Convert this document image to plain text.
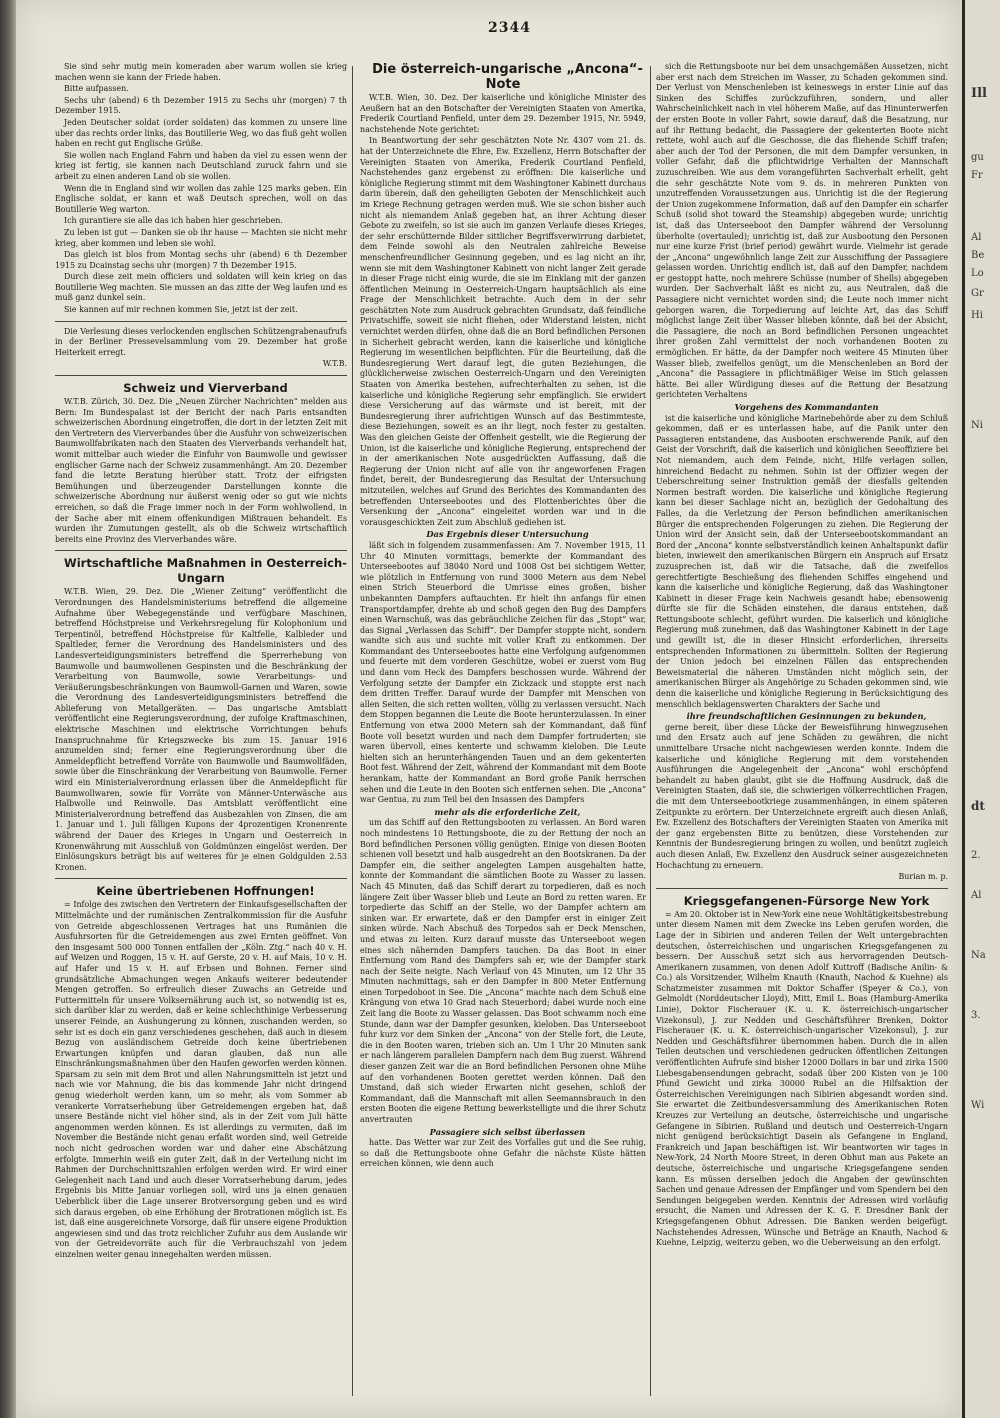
2344

Sie sind sehr mutig mein komeraden aber warum wollen sie krieg machen wenn sie kann der Friede haben.

Bitte aufpassen.

Sechs uhr (abend) 6 th Dezember 1915 zu Sechs uhr (morgen) 7 th Dezember 1915.

Jeden Deutscher soldat (order soldaten) das kommen zu unsere line uber das rechts order links, das Boutillerie Weg, wo das fluß geht wollen haben en recht gut Englische Grüße.

Sie wollen nach England Fahrn und haben da viel zu essen wenn der krieg ist fertig, sie kannen nach Deutschland zuruck fahrn und sie arbeit zu einen anderen Land ob sie wollen.

Wenn die in England sind wir wollen das zahle 125 marks geben. Ein Englische soldat, er kann et waß Deutsch sprechen, woll on das Boutillerie Weg warton.

Ich gurantiere sie alle das ich haben hier geschrieben.

Zu leben ist gut — Danken sie ob ihr hause — Machten sie nicht mehr krieg, aber kommen und leben sie wohl.

Das gleich ist blos from Montag sechs uhr (abend) 6 th Dezember 1915 zu Dcainstag sechs uhr (morgen) 7 th Dezember 1915.

Durch diese zeit mein officiers und soldaten will kein krieg on das Boutillerie Weg machten. Sie mussen an das zitte der Weg laufen und es muß ganz dunkel sein.

Sie kannen auf mir rechnen kommen Sie, jetzt ist der zeit.

Die Verlesung dieses verlockenden englischen Schützengrabenaufrufs in der Berliner Pressevelsammlung vom 29. Dezember hat große Heiterkeit erregt.

W.T.B.

Schweiz und Vierverband

W.T.B. Zürich, 30. Dez. Die „Neuen Zürcher Nachrichten“ melden aus Bern: Im Bundespalast ist der Bericht der nach Paris entsandten schweizerischen Abordnung eingetroffen, die dort in der letzten Zeit mit den Vertretern des Vierverbandes über die Ausfuhr von schweizerischen Baumwollfabrikaten nach den Staaten des Vierverbands verhandelt hat, womit mittelbar auch wieder die Einfuhr von Baumwolle und gewisser englischer Garne nach der Schweiz zusammenhängt. Am 20. Dezember fand die letzte Beratung hierüber statt. Trotz der eifrigsten Bemühungen und überzeugender Darstellungen konnte die schweizerische Abordnung nur äußerst wenig oder so gut wie nichts erreichen, so daß die Frage immer noch in der Form wohlwollend, in der Sache aber mit einem offenkundigen Mißtrauen behandelt. Es wurden ihr Zumutungen gestellt, als ob die Schweiz wirtschaftlich bereits eine Provinz des Vierverbandes wäre.

Wirtschaftliche Maßnahmen in Oesterreich-Ungarn

W.T.B. Wien, 29. Dez. Die „Wiener Zeitung“ veröffentlicht die Verordnungen des Handelsministeriums betreffend die allgemeine Aufnahme über Webegegenstände und verfügbare Maschinen, betreffend Höchstpreise und Verkehrsregelung für Kolophonium und Terpentinöl, betreffend Höchstpreise für Kaltfelle, Kalbleder und Spaltleder, ferner die Verordnung des Handelsministers und des Landesverteidigungsministers betreffend die Sperrerhebung von Baumwolle und baumwollenen Gespinsten und die Beschränkung der Verarbeitung von Baumwolle, sowie Verarbeitungs- und Veräußerungsbeschränkungen von Baumwoll-Garnen und Waren, sowie die Verordnung des Landesverteidigungsministers betreffend die Ablieferung von Metallgeräten. — Das ungarische Amtsblatt veröffentlicht eine Regierungsverordnung, der zufolge Kraftmaschinen, elektrische Maschinen und elektrische Vorrichtungen behufs Inanspruchnahme für Kriegszwecke bis zum 15. Januar 1916 anzumelden sind; ferner eine Regierungsverordnung über die Anmeldepflicht betreffend Vorräte von Baumwolle und Baumwollfäden, sowie über die Einschränkung der Verarbeitung von Baumwolle. Ferner wird ein Ministerialverordnung erlassen über die Anmeldepflicht für Baumwollwaren, sowie für Vorräte von Männer-Unterwäsche aus Halbwolle und Reinwolle. Das Amtsblatt veröffentlicht eine Ministerialverordnung betreffend das Ausbezahlen von Zinsen, die am 1. Januar und 1. Juli fälligen Kupons der 4prozentigen Kronenrente während der Dauer des Krieges in Ungarn und Oesterreich in Kronenwährung mit Ausschluß von Goldmünzen eingelöst werden. Der Einlösungskurs beträgt bis auf weiteres für je einen Goldgulden 2.53 Kronen.

Keine übertriebenen Hoffnungen!

= Infolge des zwischen den Vertretern der Einkaufsgesellschaften der Mittelmächte und der rumänischen Zentralkommission für die Ausfuhr von Getreide abgeschlossenen Vertrages hat uns Rumänien die Ausfuhrsorten für die Getreidemengen aus zwei Ernten geöffnet. Von den insgesamt 500 000 Tonnen entfallen der „Köln. Ztg.“ nach 40 v. H. auf Weizen und Roggen, 15 v. H. auf Gerste, 20 v. H. auf Mais, 10 v. H. auf Hafer und 15 v. H. auf Erbsen und Bohnen. Ferner sind grundsätzliche Abmachungen wegen Ankaufs weiterer bedeutender Mengen getroffen. So erfreulich dieser Zuwachs an Getreide und Futtermitteln für unsere Volksernährung auch ist, so notwendig ist es, sich darüber klar zu werden, daß er keine schlechthinige Verbesserung unserer Feinde, an Aushungerung zu können, zuschanden werden, so sehr ist es doch ein ganz verschiedenes geschehen, daß auch in diesem Bezug von ausländischem Getreide doch keine übertriebenen Erwartungen knüpfen und daran glauben, daß nun alle Einschränkungsmaßnahmen über den Haufen geworfen werden können. Sparsam zu sein mit dem Brot und allen Nahrungsmitteln ist jetzt und nach wie vor Mahnung, die bis das kommende Jahr nicht dringend genug wiederholt werden kann, um so mehr, als vom Sommer ab verankerte Vorratserhebung über Getreidemengen ergeben hat, daß unsere Bestände nicht viel höher sind, als in der Zeit vom Juli hätte angenommen werden können. Es ist allerdings zu vermuten, daß im November die Bestände nicht genau erfaßt worden sind, weil Getreide noch nicht gedroschen worden war und daher eine Abschätzung erfolgte. Immerhin weiß ein guter Zeit, daß in der Verteilung nicht im Rahmen der Durchschnittszahlen erfolgen werden wird. Er wird einer Gelegenheit nach Land und auch dieser Vorratserhebung darum, jedes Ergebnis bis Mitte Januar vorliegen soll, wird uns ja einen genauen Ueberblick über die Lage unserer Brotversorgung geben und es wird sich daraus ergeben, ob eine Erhöhung der Brotrationen möglich ist. Es ist, daß eine ausgereichnete Vorsorge, daß für unsere eigene Produktion angewiesen sind und das trotz reichlicher Zufuhr aus dem Auslande wir von der Getreidevorräte auch für die Verbrauchszahl von jedem einzelnen weiter genau innegehalten werden müssen.

Die österreich-ungarische „Ancona“-Note

W.T.B. Wien, 30. Dez. Der kaiserliche und königliche Minister des Aeußern hat an den Botschafter der Vereinigten Staaten von Amerika, Frederik Courtland Penfield, unter dem 29. Dezember 1915, Nr. 5949, nachstehende Note gerichtet:

In Beantwortung der sehr geschätzten Note Nr. 4307 vom 21. ds. hat der Unterzeichnete die Ehre, Ew. Exzellenz, Herrn Botschafter der Vereinigten Staaten von Amerika, Frederik Courtland Penfield, Nachstehendes ganz ergebenst zu eröffnen: Die kaiserliche und königliche Regierung stimmt mit dem Washingtoner Kabinett durchaus darin überein, daß den geheiligten Geboten der Menschlichkeit auch im Kriege Rechnung getragen werden muß. Wie sie schon bisher auch nicht als niemandem Anlaß gegeben hat, an ihrer Achtung dieser Gebote zu zweifeln, so ist sie auch im ganzen Verlaufe dieses Krieges, der sehr erschütternde Bilder sittlicher Begriffsverwirrung darbietet, dem Feinde sowohl als den Neutralen zahlreiche Beweise menschenfreundlicher Gesinnung gegeben, und es lag nicht an ihr, wenn sie mit dem Washingtoner Kabinett von nicht langer Zeit gerade in dieser Frage nicht einig wurde, die sie im Einklang mit der ganzen öffentlichen Meinung in Oesterreich-Ungarn hauptsächlich als eine Frage der Menschlichkeit betrachte. Auch dem in der sehr geschätzten Note zum Ausdruck gebrachten Grundsatz, daß feindliche Privatschiffe, soweit sie nicht fliehen, oder Widerstand leisten, nicht vernichtet werden dürfen, ohne daß die an Bord befindlichen Personen in Sicherheit gebracht werden, kann die kaiserliche und königliche Regierung im wesentlichen beipflichten. Für die Beurteilung, daß die Bundesregierung Wert darauf legt, die guten Beziehungen, die glücklicherweise zwischen Oesterreich-Ungarn und den Vereinigten Staaten von Amerika bestehen, aufrechterhalten zu sehen, ist die kaiserliche und königliche Regierung sehr empfänglich. Sie erwidert diese Versicherung auf das wärmste und ist bereit, mit der Bundesregierung ihrer aufrichtigen Wunsch auf das Bestimmteste, diese Beziehungen, soweit es an ihr liegt, noch fester zu gestalten. Was den gleichen Geiste der Offenheit gestellt, wie die Regierung der Union, ist die kaiserliche und königliche Regierung, entsprechend der in der amerikanischen Note ausgedrückten Auffassung, daß die Regierung der Union nicht auf alle von ihr angeworfenen Fragen findet, bereit, der Bundesregierung das Resultat der Untersuchung mitzuteilen, welches auf Grund des Berichtes des Kommandanten des betreffenden Unterseebootes und des Flottenberichtes über die Versenkung der „Ancona“ eingeleitet worden war und in die vorausgeschickten Zeit zum Abschluß gediehen ist.

Das Ergebnis dieser Untersuchung

läßt sich in folgendem zusammenfassen: Am 7. November 1915, 11 Uhr 40 Minuten vormittags, bemerkte der Kommandant des Unterseebootes auf 38040 Nord und 1008 Ost bei sichtigem Wetter, wie plötzlich in Entfernung von rund 3000 Metern aus dem Nebel einen Strich Steuerbord die Umrisse eines großen, bisher unbekannten Dampfers auftauchten. Er hielt ihn anfangs für einen Transportdampfer, drehte ab und schoß gegen den Bug des Dampfers einen Warnschuß, was das gebräuchliche Zeichen für das „Stopt“ war, das Signal „Verlassen das Schiff“. Der Dampfer stoppte nicht, sondern wandte sich aus und suchte mit voller Kraft zu entkommen. Der Kommandant des Unterseebootes hatte eine Verfolgung aufgenommen und feuerte mit dem vorderen Geschütze, wobei er zuerst vom Bug und dann vom Heck des Dampfers beschossen wurde. Während der Verfolgung setzte der Dampfer ein Zickzack und stoppte erst nach dem dritten Treffer. Darauf wurde der Dampfer mit Menschen von allen Seiten, die sich retten wollten, völlig zu verlassen versucht. Nach dem Stoppen begannen die Leute die Boote herunterzulassen. In einer Entfernung von etwa 2000 Metern sah der Kommandant, daß fünf Boote voll besetzt wurden und nach dem Dampfer fortruderten; sie waren übervoll, eines kenterte und schwamm kieloben. Die Leute hielten sich an herunterhängenden Tauen und an dem gekenterten Boot fest. Während der Zeit, während der Kommandant mit dem Boote herankam, hatte der Kommandant an Bord große Panik herrschen sehen und die Leute in den Booten sich entfernen sehen. Die „Ancona“ war Gentua, zu zum Teil bei den Insassen des Dampfers

mehr als die erforderliche Zeit,

um das Schiff auf den Rettungsbooten zu verlassen. An Bord waren noch mindestens 10 Rettungsboote, die zu der Rettung der noch an Bord befindlichen Personen völlig genügten. Einige von diesen Booten schienen voll besetzt und halb ausgedreht an den Bootskranen. Da der Dampfer ein, die seither angelegten Lampen ausgehalten hatte, konnte der Kommandant die sämtlichen Boote zu Wasser zu lassen. Nach 45 Minuten, daß das Schiff derart zu torpedieren, daß es noch längere Zeit über Wasser blieb und Leute an Bord zu retten waren. Er torpedierte das Schiff an der Stelle, wo der Dampfer achtern am sinken war. Er erwartete, daß er den Dampfer erst in einiger Zeit sinken würde. Nach Abschuß des Torpedos sah er Deck Menschen, und etwas zu leiten. Kurz darauf musste das Unterseeboot wegen eines sich nähernden Dampfers tauchen. Da das Boot in einer Entfernung vom Rand des Dampfers sah er, wie der Dampfer stark nach der Seite neigte. Nach Verlauf von 45 Minuten, um 12 Uhr 35 Minuten nachmittags, sah er den Dampfer in 800 Meter Entfernung einen Torpedoboot in See. Die „Ancona“ machte nach dem Schuß eine Krängung von etwa 10 Grad nach Steuerbord; dabei wurde noch eine Zeit lang die Boote zu Wasser gelassen. Das Boot schwamm noch eine Stunde, dann war der Dampfer gesunken, kieloben. Das Unterseeboot fuhr kurz vor dem Sinken der „Ancona“ von der Stelle fort, die Leute, die in den Booten waren, trieben sich an. Um 1 Uhr 20 Minuten sank er nach längerem parallelen Dampfern nach dem Bug zuerst. Während dieser ganzen Zeit war die an Bord befindlichen Personen ohne Mühe auf den vorhandenen Booten gerettet werden können. Daß den Umstand, daß sich wieder Erwarten nicht gesehen, schloß der Kommandant, daß die Mannschaft mit allen Seemannsbrauch in den ersten Booten die eigene Rettung bewerkstelligte und die ihrer Schutz anvertrauten

Passagiere sich selbst überlassen

hatte. Das Wetter war zur Zeit des Vorfalles gut und die See ruhig, so daß die Rettungsboote ohne Gefahr die nächste Küste hätten erreichen können, wie denn auch

sich die Rettungsboote nur bei dem unsachgemäßen Aussetzen, nicht aber erst nach dem Streichen im Wasser, zu Schaden gekommen sind. Der Verlust von Menschenleben ist keineswegs in erster Linie auf das Sinken des Schiffes zurückzuführen, sondern, und aller Wahrscheinlichkeit nach in viel höherem Maße, auf das Hinunterwerfen der ersten Boote in voller Fahrt, sowie darauf, daß die Besatzung, nur auf ihr Rettung bedacht, die Passagiere der gekenterten Boote nicht rettete, wohl auch auf die Geschosse, die das fliehende Schiff trafen; aber auch der Tod der Personen, die mit dem Dampfer versunken, in voller Gefahr, daß die pflichtwidrige Verhalten der Mannschaft zuzuschreiben. Wie aus dem vorangeführten Sachverhalt erhellt, geht die sehr geschätzte Note vom 9. ds. in mehreren Punkten von unzutreffenden Voraussetzungen aus. Unrichtig ist die der Regierung der Union zugekommene Information, daß auf den Dampfer ein scharfer Schuß (solid shot toward the Steamship) abgegeben wurde; unrichtig ist, daß das Unterseeboot den Dampfer während der Versolunng überholte (overtauled); unrichtig ist, daß zur Ausbootung den Personen nur eine kurze Frist (brief period) gewährt wurde. Vielmehr ist gerade der „Ancona“ ungewöhnlich lange Zeit zur Ausschiffung der Passagiere gelassen worden. Unrichtig endlich ist, daß auf den Dampfer, nachdem er gestoppt hatte, noch mehrere Schüsse (number of Shells) abgegeben wurden. Der Sachverhalt läßt es nicht zu, aus Neutralen, daß die Passagiere nicht vernichtet worden sind; die Leute noch immer nicht geborgen waren, die Torpedierung auf leichte Art, das das Schiff möglichst lange Zeit über Wasser blieben könnte, daß bei der Absicht, die Passagiere, die noch an Bord befindlichen Personen ungeachtet ihrer großen Zahl vermittelst der noch vorhandenen Booten zu ermöglichen. Er hätte, da der Dampfer noch weitere 45 Minuten über Wasser blieb, zweifellos genügt, um die Menschenleben an Bord der „Ancona“ die Passagiere in pflichtmäßiger Weise im Stich gelassen hätte. Bei aller Würdigung dieses auf die Rettung der Besatzung gerichteten Verhaltens

Vorgehens des Kommandanten

ist die kaiserliche und königliche Marinebehörde aber zu dem Schluß gekommen, daß er es unterlassen habe, auf die Panik unter den Passagieren entstandene, das Ausbooten erschwerende Panik, auf den Geist der Vorschrift, daß die kaiserlich und königlichen Seeoffiziere bei Not niemandem, auch dem Feinde, nicht, Hilfe verlagen sollen, hinreichend Bedacht zu nehmen. Sohin ist der Offizier wegen der Ueberschreitung seiner Instruktion gemäß der diesfalls geltenden Normen bestraft worden. Die kaiserliche und königliche Regierung kann bei dieser Sachlage nicht an, bezüglich der Gedohaltung des Falles, da die Verletzung der Person befindlichen amerikanischen Bürger die entsprechenden Folgerungen zu ziehen. Die Regierung der Union wird der Ansicht sein, daß der Unterseebootskommandant an Bord der „Ancona“ konnte selbstverständlich keinen Anhaltspunkt dafür bieten, inwieweit den amerikanischen Bürgern ein Anspruch auf Ersatz zuzusprechen ist, daß wir die Tatsache, daß die zweifellos gerechtfertigte Beschießung des fliehenden Schiffes eingehend und kann die kaiserliche und königliche Regierung, daß das Washingtoner Kabinett in dieser Frage kein Nachweis gesandt habe; ebensowenig dürfte sie für die Schäden einstehen, die daraus entstehen, daß Rettungsboote schlecht, geführt wurden. Die kaiserlich und königliche Regierung muß zunehmen, daß das Washingtoner Kabinett in der Lage und gewillt ist, die in dieser Hinsicht erforderlichen, ihrerseits entsprechenden Informationen zu übermitteln. Sollten der Regierung der Union jedoch bei einzelnen Fällen das entsprechenden Beweismaterial die näheren Umständen nicht möglich sein, der amerikanischen Bürger als Angehörige zu Schaden gekommen sind, wie denn die kaiserliche und königliche Regierung in Berücksichtigung des menschlich beklagenswerten Charakters der Sache und

ihre freundschaftlichen Gesinnungen zu bekunden,

gerne bereit, über diese Lücke der Beweisführung hinwegzusehen und den Ersatz auch auf jene Schäden zu gewähren, die nicht unmittelbare Ursache nicht nachgewiesen werden konnte. Indem die kaiserliche und königliche Regierung mit dem vorstehenden Ausführungen die Angelegenheit der „Ancona“ wohl erschöpfend behandelt zu haben glaubt, gibt sie die Hoffnung Ausdruck, daß die Vereinigten Staaten, daß sie, die schwierigen völkerrechtlichen Fragen, die mit dem Unterseebootkriege zusammenhängen, in einem späteren Zeitpunkte zu erörtern. Der Unterzeichnete ergreift auch diesen Anlaß, Ew. Exzellenz des Botschafters der Vereinigten Staaten von Amerika mit der ganz ergebensten Bitte zu benützen, diese Vorstehenden zur Kenntnis der Bundesregierung bringen zu wollen, und benützt zugleich auch diesen Anlaß, Ew. Exzellenz den Ausdruck seiner ausgezeichneten Hochachtung zu erneuern.

Burian m. p.

Kriegsgefangenen-Fürsorge New York

= Am 20. Oktober ist in New-York eine neue Wohltätigkeitsbestrebung unter diesem Namen mit dem Zwecke ins Leben gerufen worden, die Lage der in Sibirien und anderen Teilen der Welt untergebrachten deutschen, österreichischen und ungarischen Kriegsgefangenen zu bessern. Der Ausschuß setzt sich aus hervorragenden Deutsch-Amerikanern zusammen, von denen Adolf Kuttroff (Badische Anilin- & Co.) als Vorsitzender, Wilhelm Knauth (Knauth, Nachod & Kuehne) als Schatzmeister zusammen mit Doktor Schaffer (Speyer & Co.), von Gelmoldt (Norddeutscher Lloyd), Mitt, Emil L. Boas (Hamburg-Amerika Linie), Doktor Fischerauer (K. u. K. österreichisch-ungarischer Vizekonsul), J. zur Nedden und Geschäftsführer Brenken, Doktor Fischerauer (K. u. K. österreichisch-ungarischer Vizekonsul), J. zur Nedden und Geschäftsführer übernommen haben. Durch die in allen Teilen deutschen und verschiedenen gedrucken öffentlichen Zeitungen veröffentlichten Aufrufe sind bisher 12000 Dollars in bar und zirka 1500 Liebesgabensendungen gebracht, sodaß über 200 Kisten von je 100 Pfund Gewicht und zirka 30000 Rubel an die Hilfsaktion der Österreichischen Vereinigungen nach Sibirien abgesandt worden sind. Sie erwartet die Zeitbundesversammlung des Amerikanischen Roten Kreuzes zur Verteilung an deutsche, österreichische und ungarische Gefangene in Sibirien. Rußland und deutsch und Oesterreich-Ungarn nicht genügend berücksichtigt Dasein als Gefangene in England, Frankreich und Japan beschäftigen ist. Wir beantworten wir tages in New-York, 24 North Moore Street, in deren Obhut man aus Pakete an deutsche, österreichische und ungarische Kriegsgefangene senden kann. Es müssen derselben jedoch die Angaben der gewünschten Sachen und genaue Adressen der Empfänger und vom Spendern bei den Sendungen beigegeben werden. Kenntnis der Adressen wird vorläufig ersucht, die Namen und Adressen der K. G. F. Dresdner Bank der Kriegsgefangenen Obhut Adressen. Die Banken werden beigefügt. Nachstehendes Adressen, Wünsche und Beträge an Knauth, Nachod & Kuehne, Leipzig, weiterzu geben, wo die Ueberweisung an den erfolgt.

Ill
gu
Fr
Al
Be
Lo
Gr
Hi
Ni
dt
2.
Al
Na
3.
Wi
